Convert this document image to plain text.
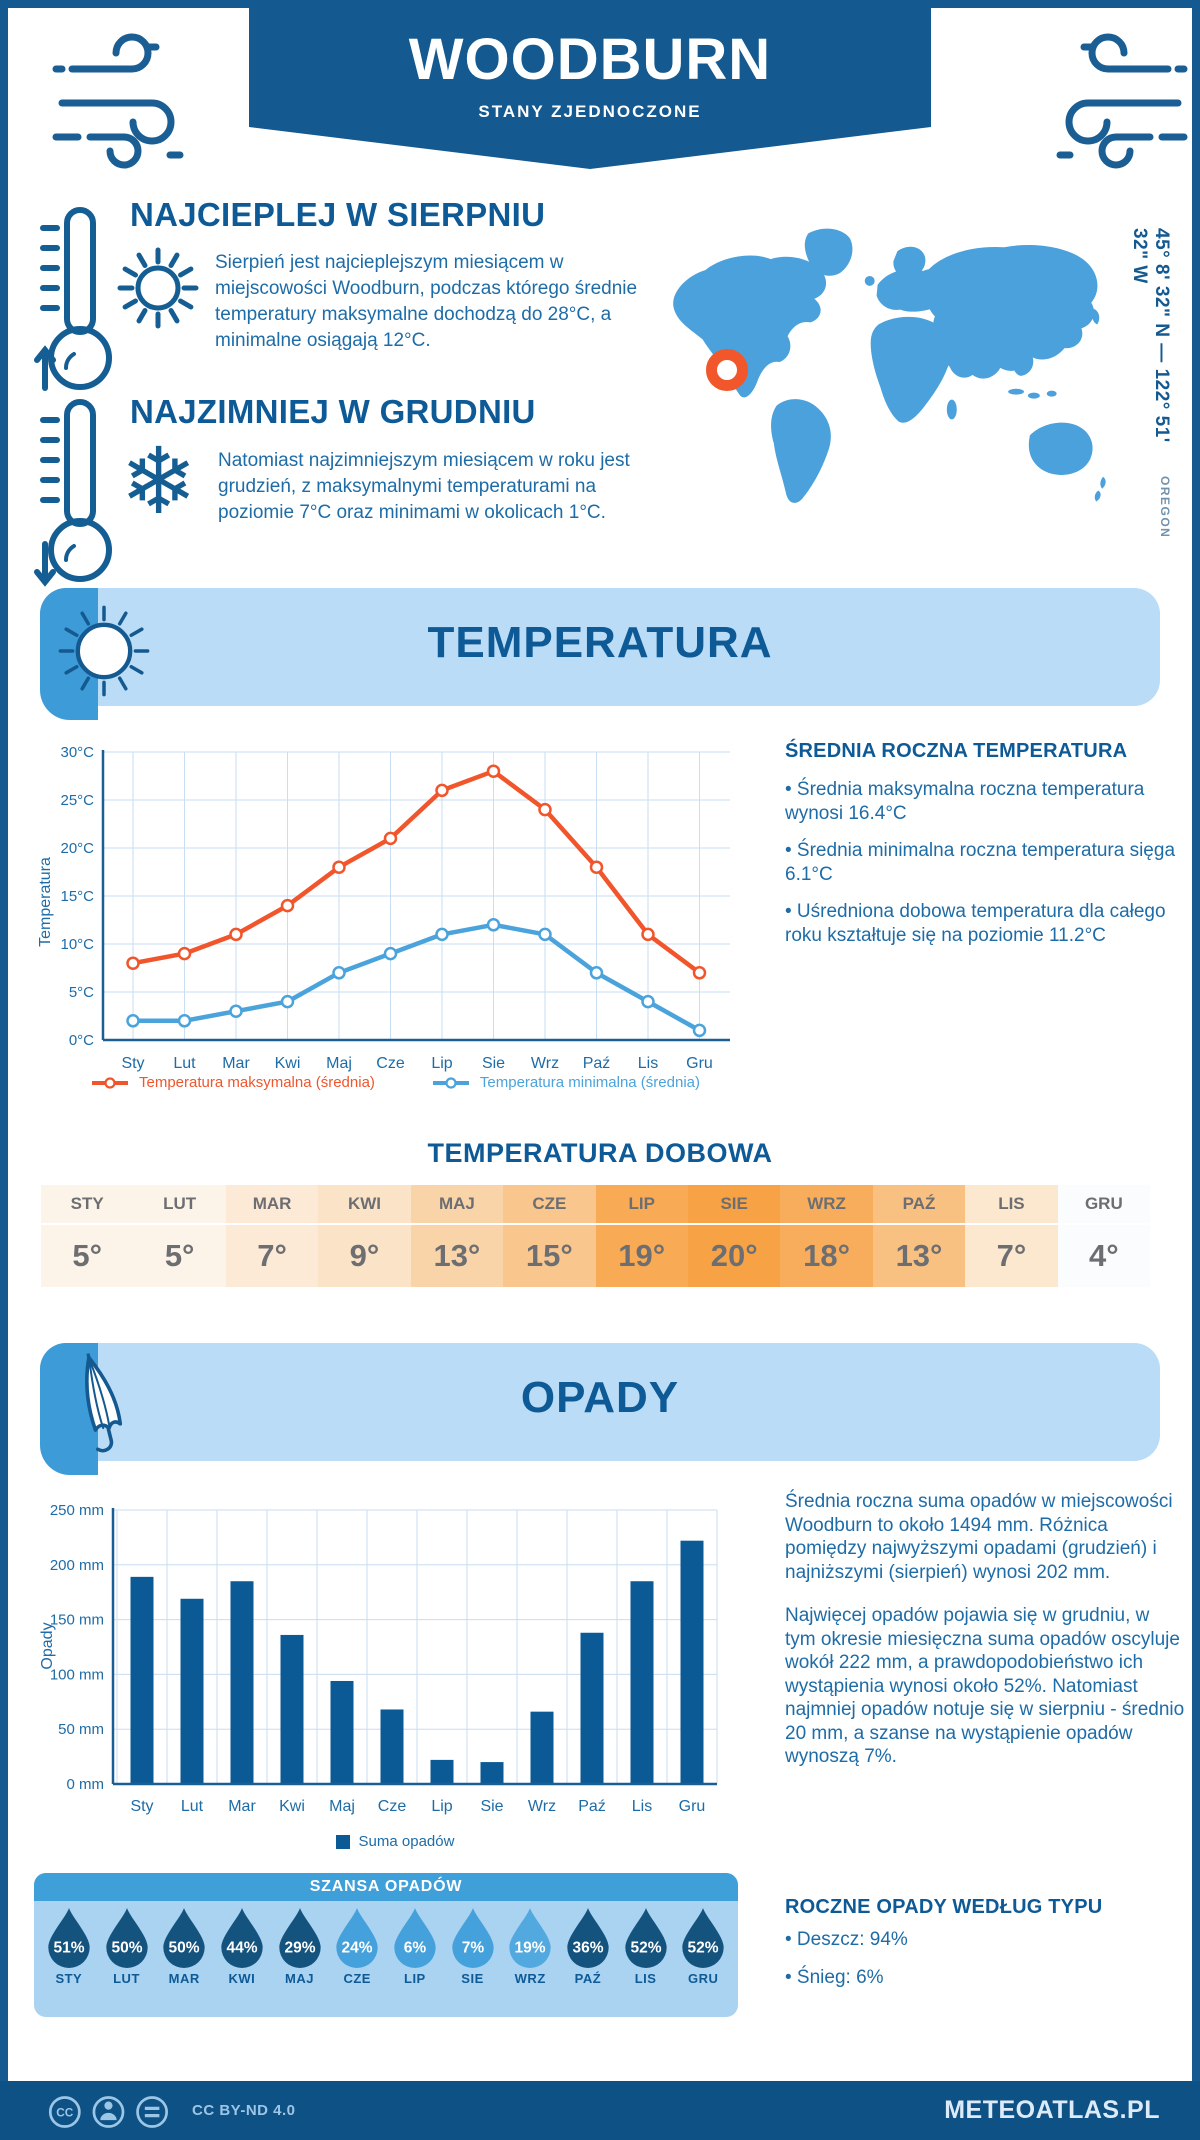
WOODBURN
STANY ZJEDNOCZONE
NAJCIEPLEJ W SIERPNIU
Sierpień jest najcieplejszym miesiącem w miejscowości Woodburn, podczas którego średnie temperatury maksymalne dochodzą do 28°C, a minimalne osiągają 12°C.
❄
NAJZIMNIEJ W GRUDNIU
Natomiast najzimniejszym miesiącem w roku jest grudzień, z maksymalnymi temperaturami na poziomie 7°C oraz minimami w okolicach 1°C.
45° 8' 32" N — 122° 51' 32" W
OREGON
TEMPERATURA
0°C
5°C
10°C
15°C
20°C
25°C
30°C
Sty Lut Mar Kwi Maj Cze Lip Sie Wrz Paź Lis Gru
Temperatura
Temperatura maksymalna (średnia)	Temperatura minimalna (średnia)
ŚREDNIA ROCZNA TEMPERATURA

• Średnia maksymalna roczna temperatura wynosi 16.4°C

• Średnia minimalna roczna temperatura sięga 6.1°C

• Uśredniona dobowa temperatura dla całego roku kształtuje się na poziomie 11.2°C

TEMPERATURA DOBOWA
STY
5°
LUT
5°
MAR
7°
KWI
9°
MAJ
13°
CZE
15°
LIP
19°
SIE
20°
WRZ
18°
PAŹ
13°
LIS
7°
GRU
4°
OPADY
0 mm
50 mm
100 mm
150 mm
200 mm
250 mm
Sty Lut Mar Kwi Maj Cze Lip Sie Wrz Paź Lis Gru
Opady
Suma opadów

Średnia roczna suma opadów w miejscowości Woodburn to około 1494 mm. Różnica pomiędzy najwyższymi opadami (grudzień) i najniższymi (sierpień) wynosi 202 mm.

Najwięcej opadów pojawia się w grudniu, w tym okresie miesięczna suma opadów oscyluje wokół 222 mm, a prawdopodobieństwo ich wystąpienia wynosi około 52%. Natomiast najmniej opadów notuje się w sierpniu - średnio 20 mm, a szanse na wystąpienie opadów wynoszą 7%.

ROCZNE OPADY WEDŁUG TYPU

• Deszcz: 94%

• Śnieg: 6%

SZANSA OPADÓW
51%
STY
50%
LUT
50%
MAR
44%
KWI
29%
MAJ
24%
CZE
6%
LIP
7%
SIE
19%
WRZ
36%
PAŹ
52%
LIS
52%
GRU
CC	CC BY-ND 4.0	METEOATLAS.PL
